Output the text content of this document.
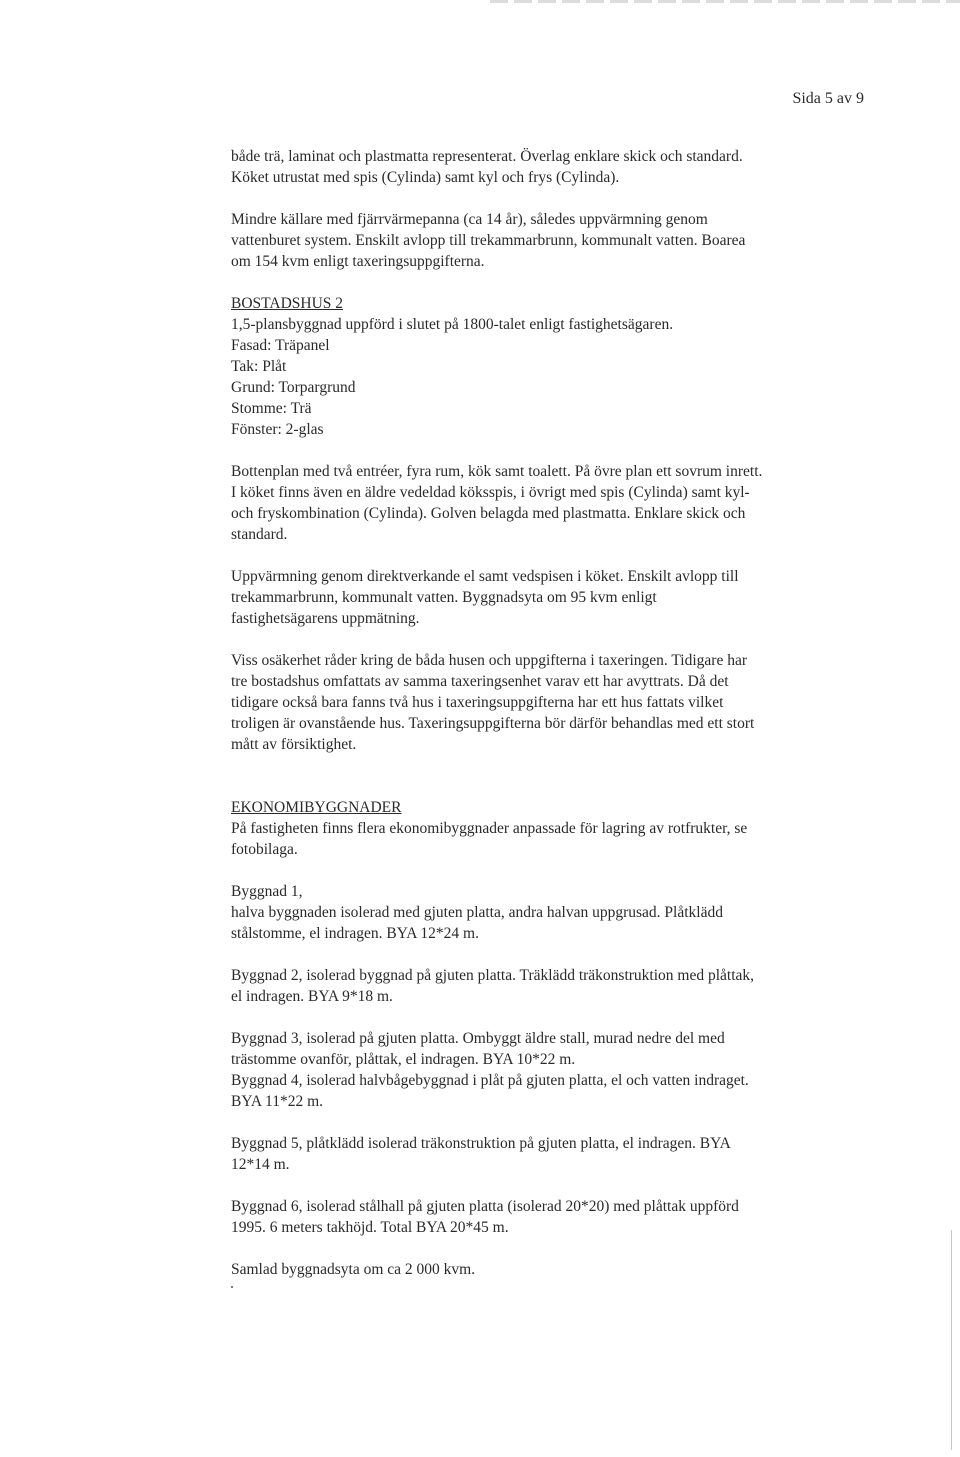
Sida 5 av 9

både trä, laminat och plastmatta representerat. Överlag enklare skick och standard.
Köket utrustat med spis (Cylinda) samt kyl och frys (Cylinda).

Mindre källare med fjärrvärmepanna (ca 14 år), således uppvärmning genom
vattenburet system. Enskilt avlopp till trekammarbrunn, kommunalt vatten. Boarea
om 154 kvm enligt taxeringsuppgifterna.

BOSTADSHUS 2
1,5-plansbyggnad uppförd i slutet på 1800-talet enligt fastighetsägaren.
Fasad: Träpanel
Tak: Plåt
Grund: Torpargrund
Stomme: Trä
Fönster: 2-glas

Bottenplan med två entréer, fyra rum, kök samt toalett. På övre plan ett sovrum inrett.
I köket finns även en äldre vedeldad köksspis, i övrigt med spis (Cylinda) samt kyl-
och fryskombination (Cylinda). Golven belagda med plastmatta. Enklare skick och
standard.

Uppvärmning genom direktverkande el samt vedspisen i köket. Enskilt avlopp till
trekammarbrunn, kommunalt vatten. Byggnadsyta om 95 kvm enligt
fastighetsägarens uppmätning.

Viss osäkerhet råder kring de båda husen och uppgifterna i taxeringen. Tidigare har
tre bostadshus omfattats av samma taxeringsenhet varav ett har avyttrats. Då det
tidigare också bara fanns två hus i taxeringsuppgifterna har ett hus fattats vilket
troligen är ovanstående hus. Taxeringsuppgifterna bör därför behandlas med ett stort
mått av försiktighet.

EKONOMIBYGGNADER
På fastigheten finns flera ekonomibyggnader anpassade för lagring av rotfrukter, se
fotobilaga.

Byggnad 1,
halva byggnaden isolerad med gjuten platta, andra halvan uppgrusad. Plåtklädd
stålstomme, el indragen. BYA 12*24 m.

Byggnad 2, isolerad byggnad på gjuten platta. Träklädd träkonstruktion med plåttak,
el indragen. BYA 9*18 m.

Byggnad 3, isolerad på gjuten platta. Ombyggt äldre stall, murad nedre del med
trästomme ovanför, plåttak, el indragen. BYA 10*22 m.
Byggnad 4, isolerad halvbågebyggnad i plåt på gjuten platta, el och vatten indraget.
BYA 11*22 m.

Byggnad 5, plåtklädd isolerad träkonstruktion på gjuten platta, el indragen. BYA
12*14 m.

Byggnad 6, isolerad stålhall på gjuten platta (isolerad 20*20) med plåttak uppförd
1995. 6 meters takhöjd. Total BYA 20*45 m.

Samlad byggnadsyta om ca 2 000 kvm.
